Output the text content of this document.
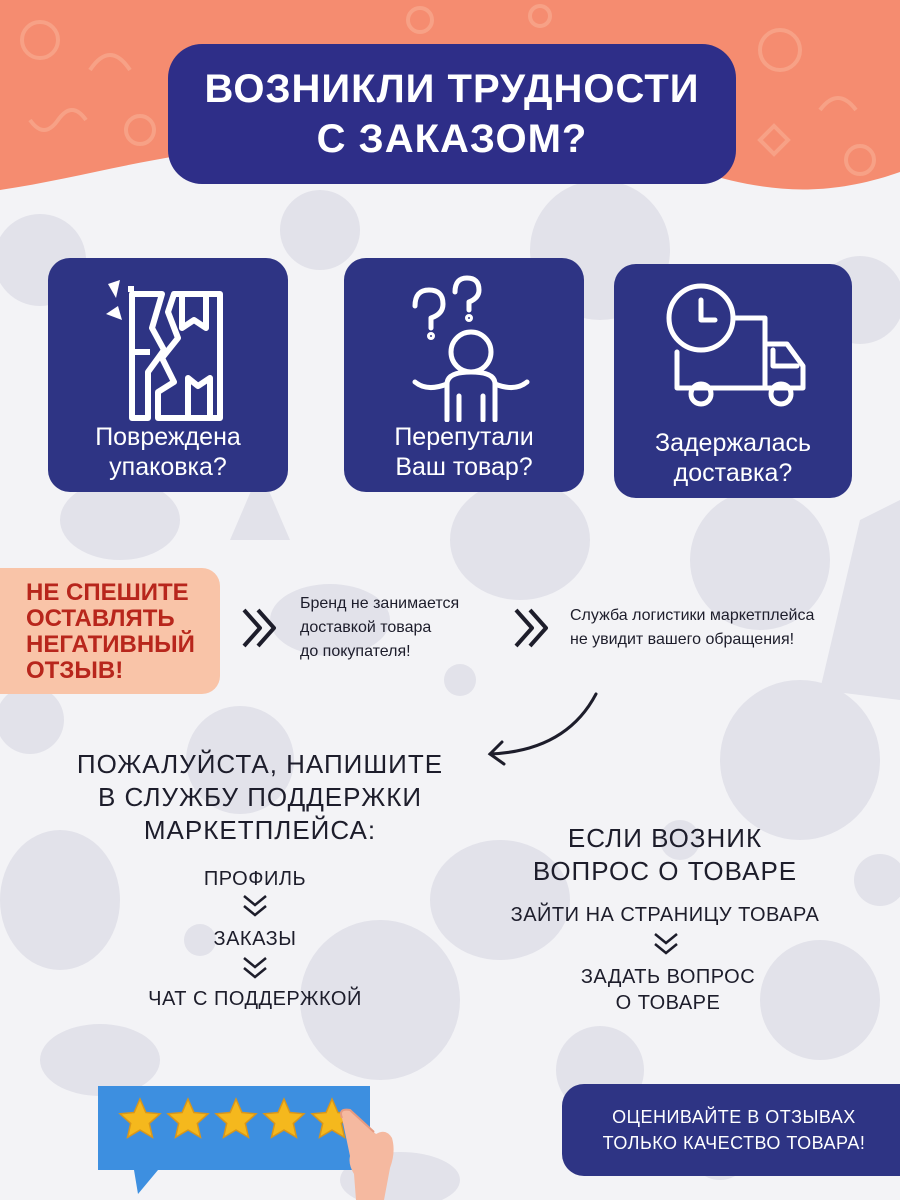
ВОЗНИКЛИ ТРУДНОСТИ
С ЗАКАЗОМ?
Повреждена
упаковка?
Перепутали
Ваш товар?
Задержалась
доставка?
НЕ СПЕШИТЕ
ОСТАВЛЯТЬ
НЕГАТИВНЫЙ
ОТЗЫВ!
Бренд не занимается
доставкой товара
до покупателя!
Служба логистики маркетплейса
не увидит вашего обращения!
ПОЖАЛУЙСТА, НАПИШИТЕ
В СЛУЖБУ ПОДДЕРЖКИ
МАРКЕТПЛЕЙСА:
ПРОФИЛЬ
ЗАКАЗЫ
ЧАТ С ПОДДЕРЖКОЙ
ЕСЛИ ВОЗНИК
ВОПРОС О ТОВАРЕ
ЗАЙТИ НА СТРАНИЦУ ТОВАРА
ЗАДАТЬ ВОПРОС
О ТОВАРЕ
ОЦЕНИВАЙТЕ В ОТЗЫВАХ
ТОЛЬКО КАЧЕСТВО ТОВАРА!
